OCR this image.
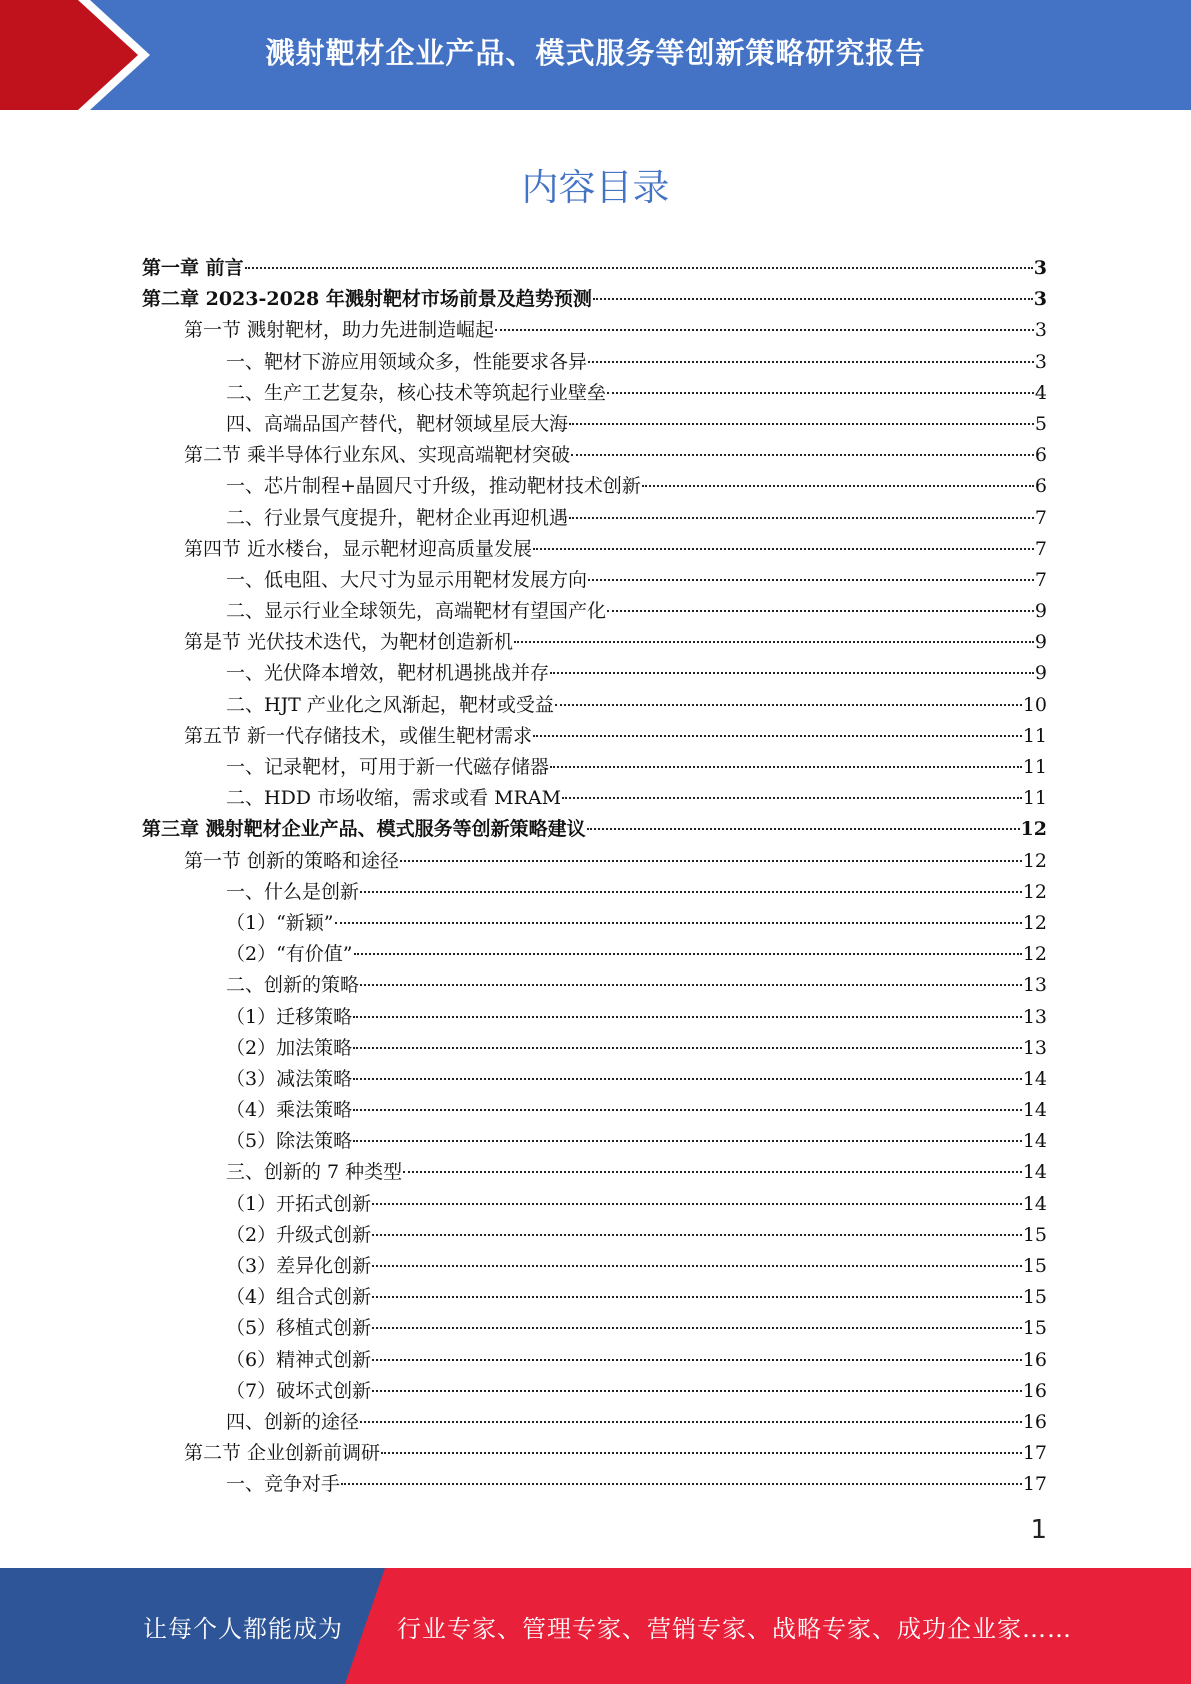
溅射靶材企业产品、模式服务等创新策略研究报告
内容目录
第一章 前言	3
第二章 2023-2028 年溅射靶材市场前景及趋势预测	3
第一节 溅射靶材，助力先进制造崛起	3
一、靶材下游应用领域众多，性能要求各异	3
二、生产工艺复杂，核心技术等筑起行业壁垒	4
四、高端品国产替代，靶材领域星辰大海	5
第二节 乘半导体行业东风、实现高端靶材突破	6
一、芯片制程+晶圆尺寸升级，推动靶材技术创新	6
二、行业景气度提升，靶材企业再迎机遇	7
第四节 近水楼台，显示靶材迎高质量发展	7
一、低电阻、大尺寸为显示用靶材发展方向	7
二、显示行业全球领先，高端靶材有望国产化	9
第是节 光伏技术迭代，为靶材创造新机	9
一、光伏降本增效，靶材机遇挑战并存	9
二、HJT 产业化之风渐起，靶材或受益	10
第五节 新一代存储技术，或催生靶材需求	11
一、记录靶材，可用于新一代磁存储器	11
二、HDD 市场收缩，需求或看 MRAM	11
第三章 溅射靶材企业产品、模式服务等创新策略建议	12
第一节 创新的策略和途径	12
一、什么是创新	12
（1）“新颖”	12
（2）“有价值”	12
二、创新的策略	13
（1）迁移策略	13
（2）加法策略	13
（3）减法策略	14
（4）乘法策略	14
（5）除法策略	14
三、创新的 7 种类型	14
（1）开拓式创新	14
（2）升级式创新	15
（3）差异化创新	15
（4）组合式创新	15
（5）移植式创新	15
（6）精神式创新	16
（7）破坏式创新	16
四、创新的途径	16
第二节 企业创新前调研	17
一、竞争对手	17
1
让每个人都能成为 行业专家、管理专家、营销专家、战略专家、成功企业家……
